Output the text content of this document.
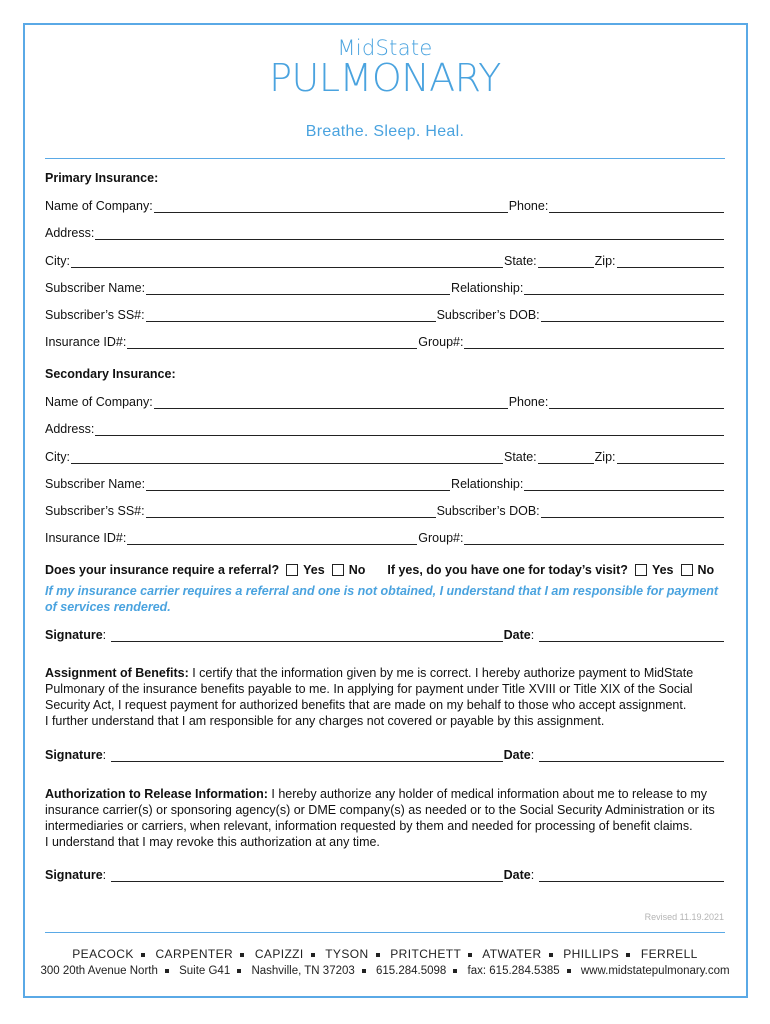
MidState
PULMONARY
Breathe. Sleep. Heal.
Primary Insurance:
Name of Company:	Phone:
Address:
City:	State:	Zip:
Subscriber Name:	Relationship:
Subscriber’s SS#:	Subscriber’s DOB:
Insurance ID#:	Group#:
Secondary Insurance:
Name of Company:	Phone:
Address:
City:	State:	Zip:
Subscriber Name:	Relationship:
Subscriber’s SS#:	Subscriber’s DOB:
Insurance ID#:	Group#:
Does your insurance require a referral? Yes No If yes, do you have one for today’s visit? Yes No
If my insurance carrier requires a referral and one is not obtained, I understand that I am responsible for payment of services rendered.
Signature :	Date :
Assignment of Benefits: I certify that the information given by me is correct. I hereby authorize payment to MidState Pulmonary of the insurance benefits payable to me. In applying for payment under Title XVIII or Title XIX of the Social Security Act, I request payment for authorized benefits that are made on my behalf to those who accept assignment.
I further understand that I am responsible for any charges not covered or payable by this assignment.
Signature :	Date :
Authorization to Release Information: I hereby authorize any holder of medical information about me to release to my insurance carrier(s) or sponsoring agency(s) or DME company(s) as needed or to the Social Security Administration or its intermediaries or carriers, when relevant, information requested by them and needed for processing of benefit claims.
I understand that I may revoke this authorization at any time.
Signature :	Date :
Revised 11.19.2021
PEACOCK CARPENTER CAPIZZI TYSON PRITCHETT ATWATER PHILLIPS FERRELL
300 20th Avenue North Suite G41 Nashville, TN 37203 615.284.5098 fax: 615.284.5385 www.midstatepulmonary.com
